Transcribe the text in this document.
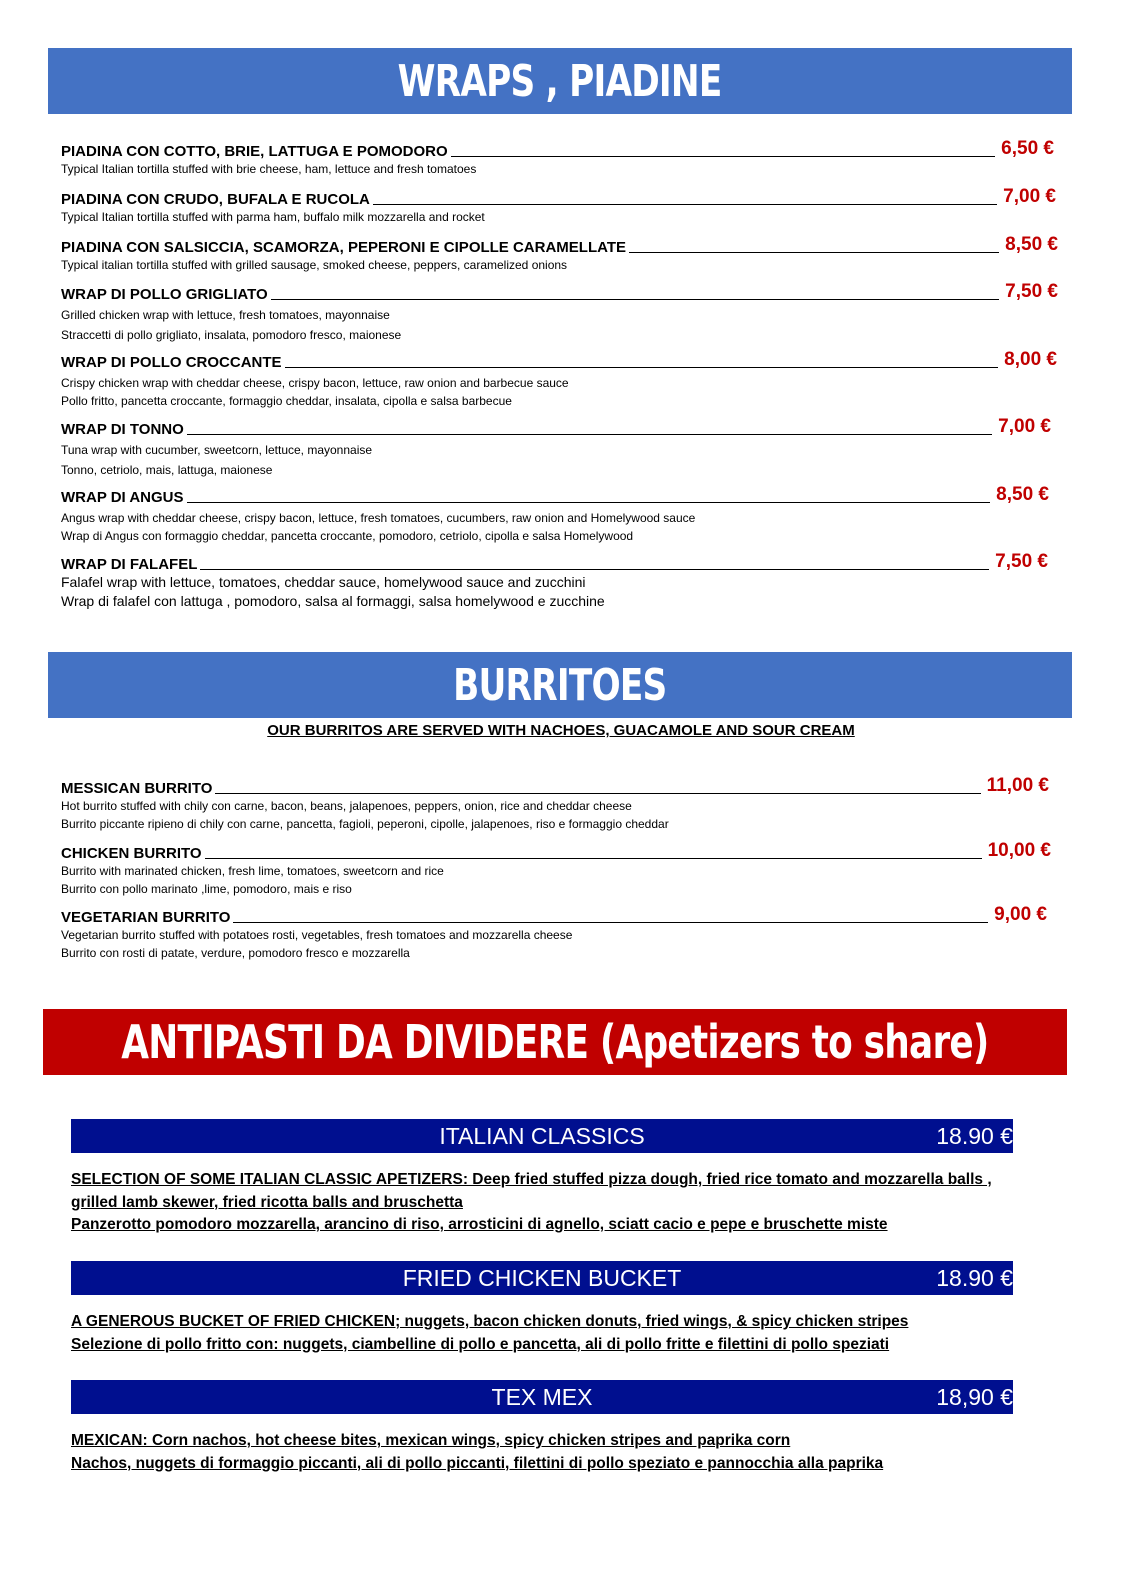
WRAPS , PIADINE
PIADINA CON COTTO, BRIE, LATTUGA E POMODORO	6,50 €
Typical Italian tortilla stuffed with brie cheese, ham, lettuce and fresh tomatoes
PIADINA CON CRUDO, BUFALA E RUCOLA	7,00 €
Typical Italian tortilla stuffed with parma ham, buffalo milk mozzarella and rocket
PIADINA CON SALSICCIA, SCAMORZA, PEPERONI E CIPOLLE CARAMELLATE	8,50 €
Typical italian tortilla stuffed with grilled sausage, smoked cheese, peppers, caramelized onions
WRAP DI POLLO GRIGLIATO	7,50 €
Grilled chicken wrap with lettuce, fresh tomatoes, mayonnaise
Straccetti di pollo grigliato, insalata, pomodoro fresco, maionese
WRAP DI POLLO CROCCANTE	8,00 €
Crispy chicken wrap with cheddar cheese, crispy bacon, lettuce, raw onion and barbecue sauce
Pollo fritto, pancetta croccante, formaggio cheddar, insalata, cipolla e salsa barbecue
WRAP DI TONNO	7,00 €
Tuna wrap with cucumber, sweetcorn, lettuce, mayonnaise
Tonno, cetriolo, mais, lattuga, maionese
WRAP DI ANGUS	8,50 €
Angus wrap with cheddar cheese, crispy bacon, lettuce, fresh tomatoes, cucumbers, raw onion and Homelywood sauce
Wrap di Angus con formaggio cheddar, pancetta croccante, pomodoro, cetriolo, cipolla e salsa Homelywood
WRAP DI FALAFEL	7,50 €
Falafel wrap with lettuce, tomatoes, cheddar sauce, homelywood sauce and zucchini
Wrap di falafel con lattuga , pomodoro, salsa al formaggi, salsa homelywood e zucchine
BURRITOES
OUR BURRITOS ARE SERVED WITH NACHOES, GUACAMOLE AND SOUR CREAM
MESSICAN BURRITO	11,00 €
Hot burrito stuffed with chily con carne, bacon, beans, jalapenoes, peppers, onion, rice and cheddar cheese
Burrito piccante ripieno di chily con carne, pancetta, fagioli, peperoni, cipolle, jalapenoes, riso e formaggio cheddar
CHICKEN BURRITO	10,00 €
Burrito with marinated chicken, fresh lime, tomatoes, sweetcorn and rice
Burrito con pollo marinato ,lime, pomodoro, mais e riso
VEGETARIAN BURRITO	9,00 €
Vegetarian burrito stuffed with potatoes rosti, vegetables, fresh tomatoes and mozzarella cheese
Burrito con rosti di patate, verdure, pomodoro fresco e mozzarella
ANTIPASTI DA DIVIDERE (Apetizers to share)
ITALIAN CLASSICS	18.90 €
SELECTION OF SOME ITALIAN CLASSIC APETIZERS: Deep fried stuffed pizza dough, fried rice tomato and mozzarella balls ,
grilled lamb skewer, fried ricotta balls and bruschetta
Panzerotto pomodoro mozzarella, arancino di riso, arrosticini di agnello, sciatt cacio e pepe e bruschette miste
FRIED CHICKEN BUCKET	18.90 €
A GENEROUS BUCKET OF FRIED CHICKEN; nuggets, bacon chicken donuts, fried wings, & spicy chicken stripes
Selezione di pollo fritto con: nuggets, ciambelline di pollo e pancetta, ali di pollo fritte e filettini di pollo speziati
TEX MEX	18,90 €
MEXICAN: Corn nachos, hot cheese bites, mexican wings, spicy chicken stripes and paprika corn
Nachos, nuggets di formaggio piccanti, ali di pollo piccanti, filettini di pollo speziato e pannocchia alla paprika
